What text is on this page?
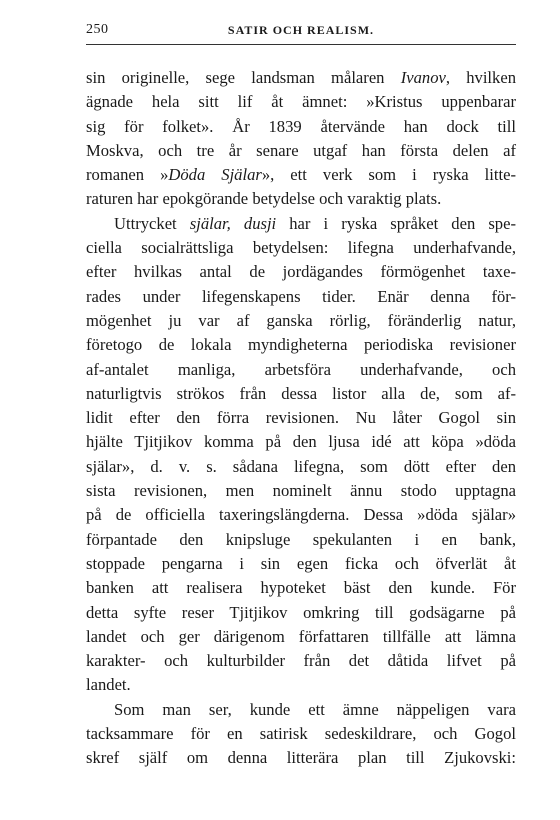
250	SATIR OCH REALISM.
sin originelle, sege landsman målaren Ivanov, hvilken
ägnade hela sitt lif åt ämnet: »Kristus uppenbarar
sig för folket». År 1839 återvände han dock till
Moskva, och tre år senare utgaf han första delen af
romanen »Döda Själar», ett verk som i ryska litte-
raturen har epokgörande betydelse och varaktig plats.
Uttrycket själar, dusji har i ryska språket den spe-
ciella socialrättsliga betydelsen: lifegna underhafvande,
efter hvilkas antal de jordägandes förmögenhet taxe-
rades under lifegenskapens tider. Enär denna för-
mögenhet ju var af ganska rörlig, föränderlig natur,
företogo de lokala myndigheterna periodiska revisioner
af-antalet manliga, arbetsföra underhafvande, och
naturligtvis strökos från dessa listor alla de, som af-
lidit efter den förra revisionen. Nu låter Gogol sin
hjälte Tjitjikov komma på den ljusa idé att köpa »döda
själar», d. v. s. sådana lifegna, som dött efter den
sista revisionen, men nominelt ännu stodo upptagna
på de officiella taxeringslängderna. Dessa »döda själar»
förpantade den knipsluge spekulanten i en bank,
stoppade pengarna i sin egen ficka och öfverlät åt
banken att realisera hypoteket bäst den kunde. För
detta syfte reser Tjitjikov omkring till godsägarne på
landet och ger därigenom författaren tillfälle att lämna
karakter- och kulturbilder från det dåtida lifvet på
landet.
Som man ser, kunde ett ämne näppeligen vara
tacksammare för en satirisk sedeskildrare, och Gogol
skref själf om denna litterära plan till Zjukovski:
